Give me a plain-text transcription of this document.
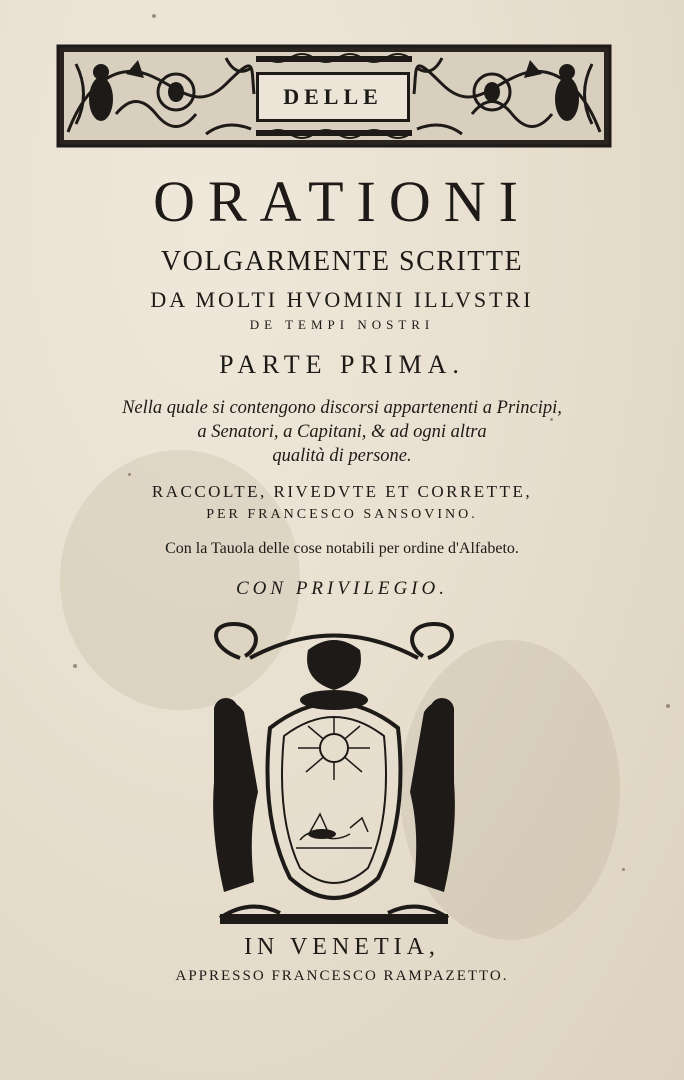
DELLE
ORATIONI
VOLGARMENTE SCRITTE
DA MOLTI HVOMINI ILLVSTRI
DE TEMPI NOSTRI
PARTE PRIMA.
Nella quale si contengono discorsi appartenenti a Principi,
a Senatori, a Capitani, & ad ogni altra
qualità di persone.
RACCOLTE, RIVEDVTE ET CORRETTE,
PER FRANCESCO SANSOVINO.
Con la Tauola delle cose notabili per ordine d'Alfabeto.
CON PRIVILEGIO.
IN VENETIA,
APPRESSO FRANCESCO RAMPAZETTO.
